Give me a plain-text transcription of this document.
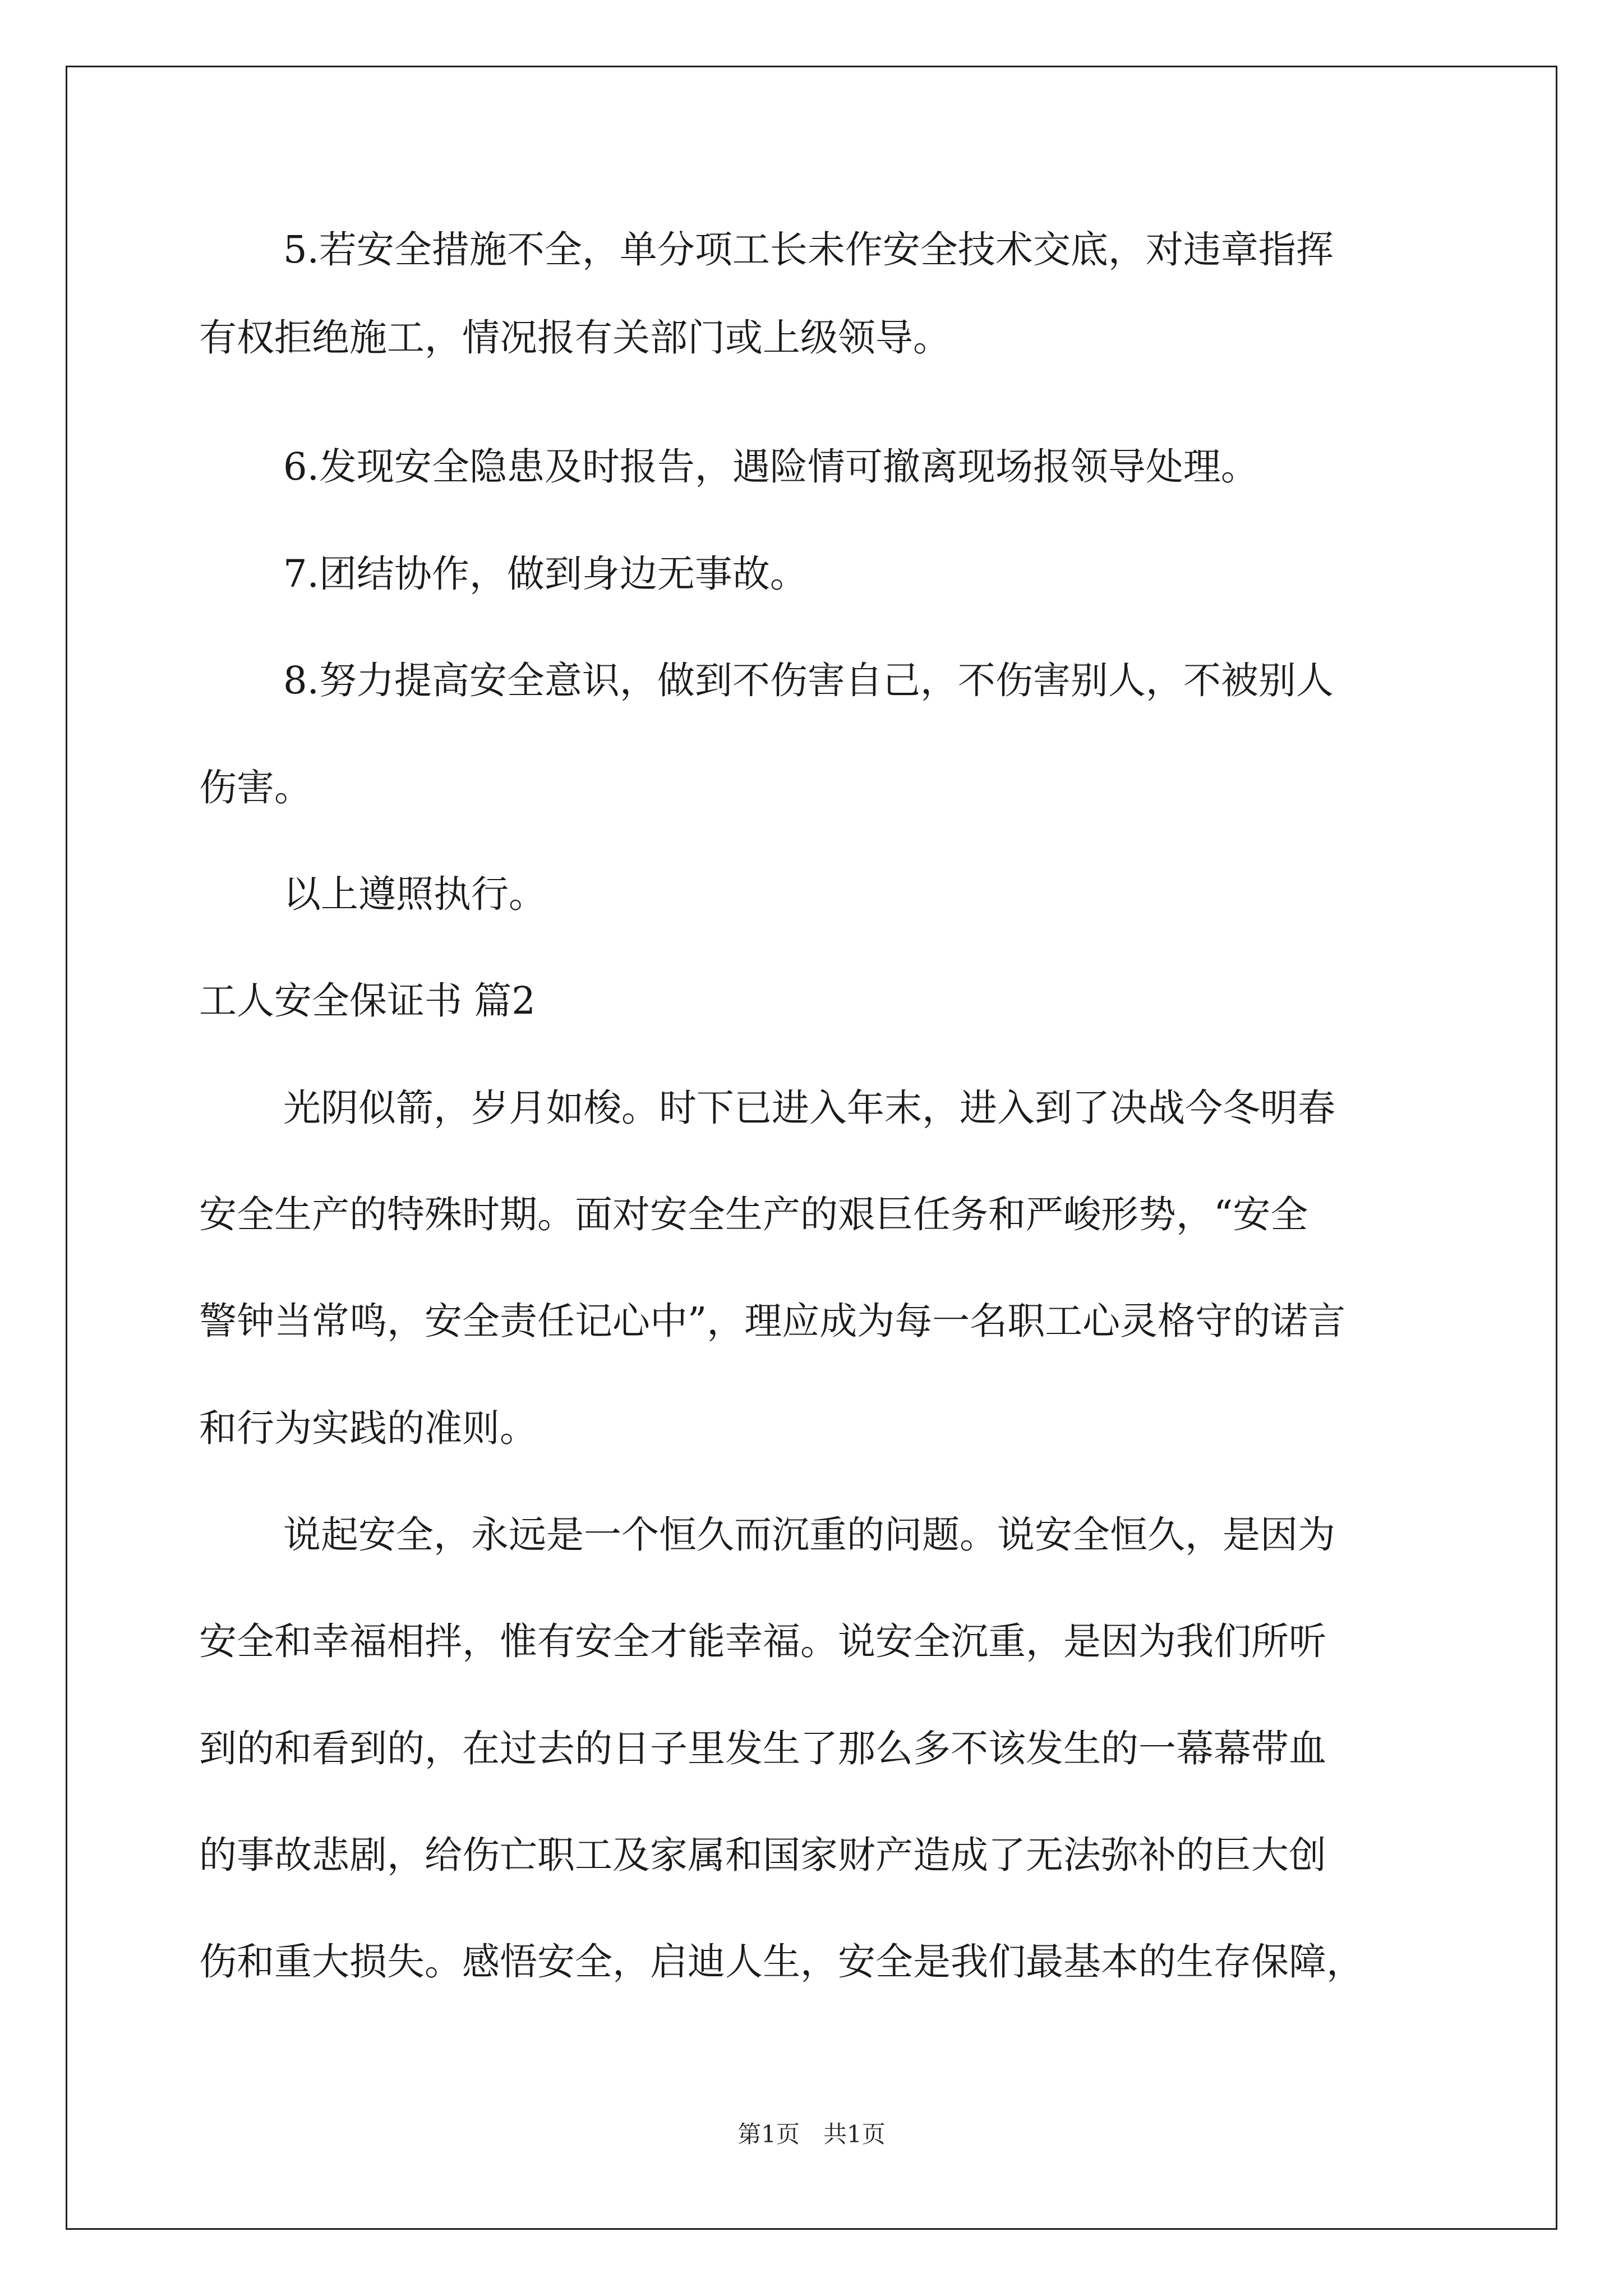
5.若安全措施不全，单分项工长未作安全技术交底，对违章指挥
有权拒绝施工，情况报有关部门或上级领导。
6.发现安全隐患及时报告，遇险情可撤离现场报领导处理。
7.团结协作，做到身边无事故。
8.努力提高安全意识，做到不伤害自己，不伤害别人，不被别人
伤害。
以上遵照执行。
工人安全保证书 篇2
光阴似箭，岁月如梭。时下已进入年末，进入到了决战今冬明春
安全生产的特殊时期。面对安全生产的艰巨任务和严峻形势，“安全
警钟当常鸣，安全责任记心中”，理应成为每一名职工心灵格守的诺言
和行为实践的准则。
说起安全，永远是一个恒久而沉重的问题。说安全恒久，是因为
安全和幸福相拌，惟有安全才能幸福。说安全沉重，是因为我们所听
到的和看到的，在过去的日子里发生了那么多不该发生的一幕幕带血
的事故悲剧，给伤亡职工及家属和国家财产造成了无法弥补的巨大创
伤和重大损失。感悟安全，启迪人生，安全是我们最基本的生存保障，
第1页　共1页
